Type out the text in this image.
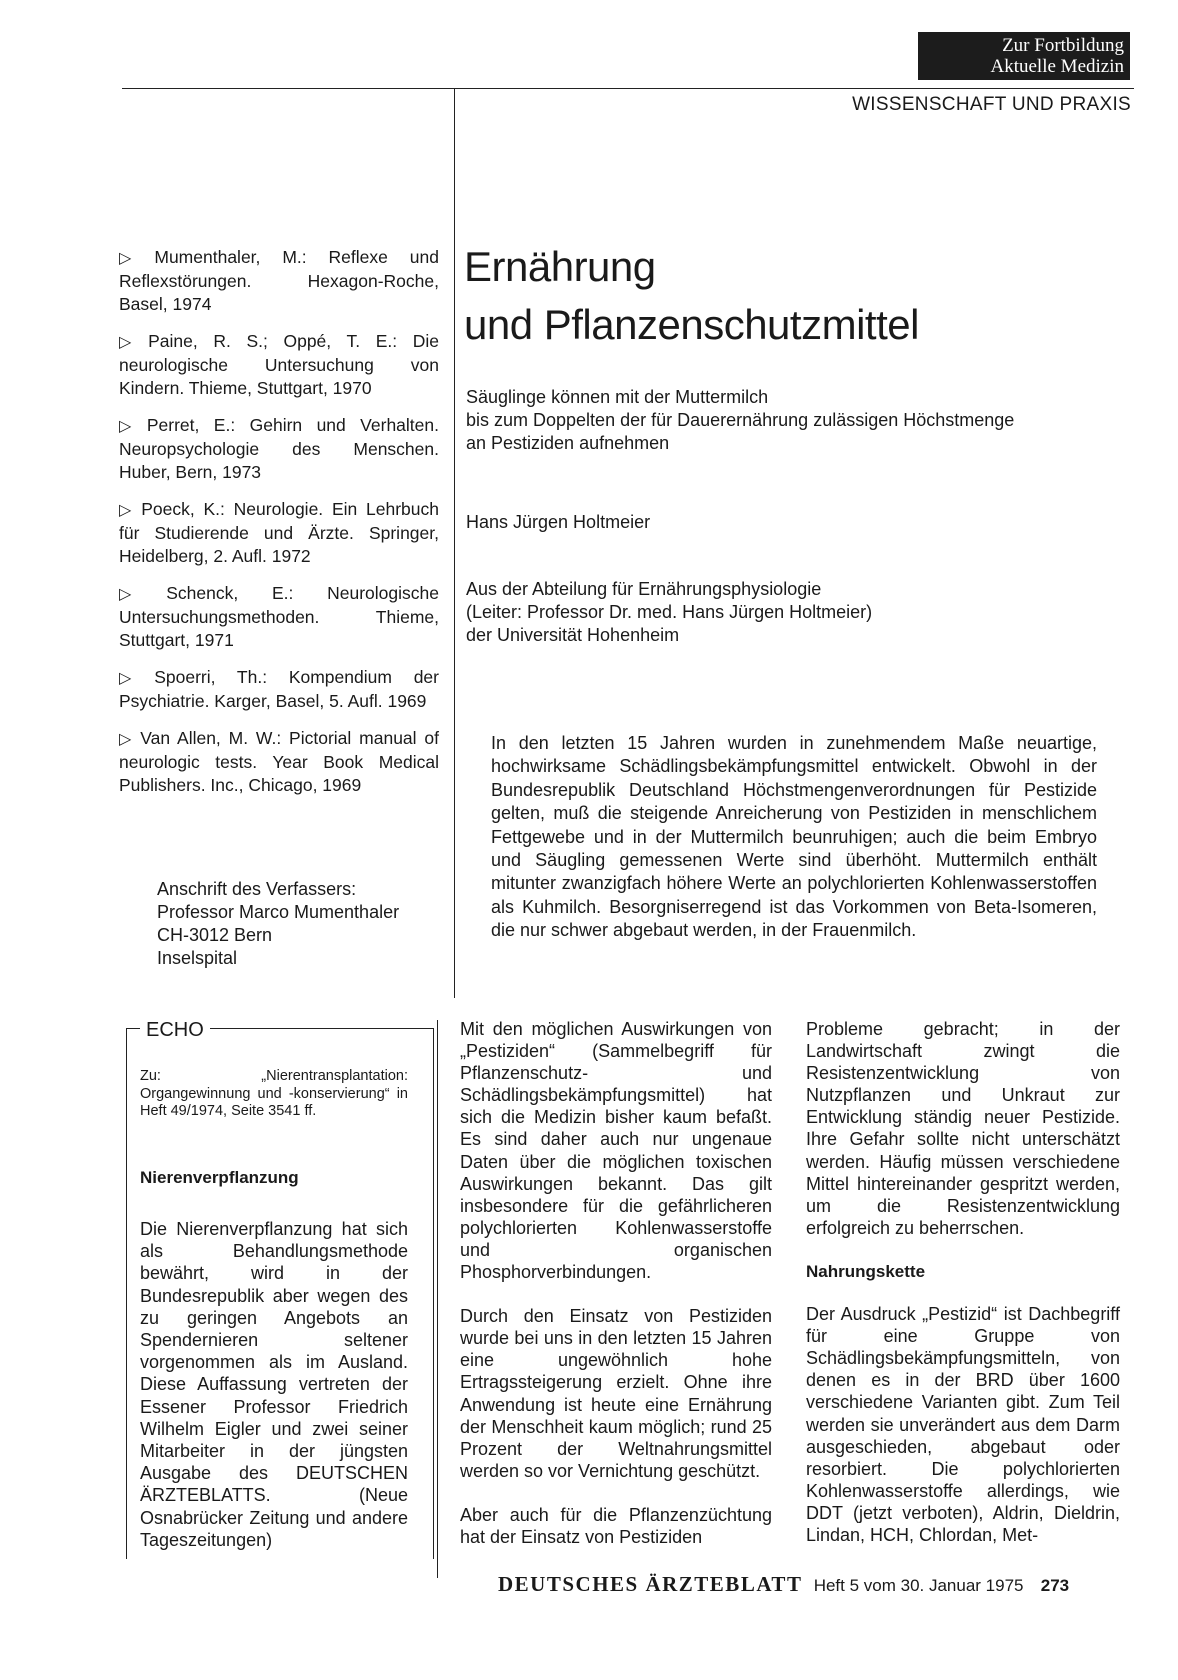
Zur Fortbildung
Aktuelle Medizin
WISSENSCHAFT UND PRAXIS

▷ Mumenthaler, M.: Reflexe und Reflexstörungen. Hexagon-Roche, Basel, 1974

▷ Paine, R. S.; Oppé, T. E.: Die neurologische Untersuchung von Kindern. Thieme, Stuttgart, 1970

▷ Perret, E.: Gehirn und Verhalten. Neuropsychologie des Menschen. Huber, Bern, 1973

▷ Poeck, K.: Neurologie. Ein Lehrbuch für Studierende und Ärzte. Springer, Heidelberg, 2. Aufl. 1972

▷ Schenck, E.: Neurologische Untersuchungsmethoden. Thieme, Stuttgart, 1971

▷ Spoerri, Th.: Kompendium der Psychiatrie. Karger, Basel, 5. Aufl. 1969

▷ Van Allen, M. W.: Pictorial manual of neurologic tests. Year Book Medical Publishers. Inc., Chicago, 1969

Anschrift des Verfassers:
Professor Marco Mumenthaler
CH-3012 Bern
Inselspital
Ernährung
und Pflanzenschutzmittel
Säuglinge können mit der Muttermilch
bis zum Doppelten der für Dauerernährung zulässigen Höchstmenge
an Pestiziden aufnehmen
Hans Jürgen Holtmeier
Aus der Abteilung für Ernährungsphysiologie
(Leiter: Professor Dr. med. Hans Jürgen Holtmeier)
der Universität Hohenheim
In den letzten 15 Jahren wurden in zunehmendem Maße neuartige, hochwirksame Schädlingsbekämpfungsmittel entwickelt. Obwohl in der Bundesrepublik Deutschland Höchstmengenverordnungen für Pestizide gelten, muß die steigende Anreicherung von Pestiziden in menschlichem Fettgewebe und in der Muttermilch beunruhigen; auch die beim Embryo und Säugling gemessenen Werte sind überhöht. Muttermilch enthält mitunter zwanzigfach höhere Werte an polychlorierten Kohlenwasserstoffen als Kuhmilch. Besorgniserregend ist das Vorkommen von Beta-Isomeren, die nur schwer abgebaut werden, in der Frauenmilch.
ECHO
Zu: „Nierentransplantation: Organgewinnung und -konservierung“ in Heft 49/1974, Seite 3541 ff.
Nierenverpflanzung
Die Nierenverpflanzung hat sich als Behandlungsmethode bewährt, wird in der Bundesrepublik aber wegen des zu geringen Angebots an Spendernieren seltener vorgenommen als im Ausland. Diese Auffassung vertreten der Essener Professor Friedrich Wilhelm Eigler und zwei seiner Mitarbeiter in der jüngsten Ausgabe des DEUTSCHEN ÄRZTEBLATTS. (Neue Osnabrücker Zeitung und andere Tageszeitungen)

Mit den möglichen Auswirkungen von „Pestiziden“ (Sammelbegriff für Pflanzenschutz- und Schädlingsbekämpfungsmittel) hat sich die Medizin bisher kaum befaßt. Es sind daher auch nur ungenaue Daten über die möglichen toxischen Auswirkungen bekannt. Das gilt insbesondere für die gefährlicheren polychlorierten Kohlenwasserstoffe und organischen Phosphorverbindungen.

Durch den Einsatz von Pestiziden wurde bei uns in den letzten 15 Jahren eine ungewöhnlich hohe Ertragssteigerung erzielt. Ohne ihre Anwendung ist heute eine Ernährung der Menschheit kaum möglich; rund 25 Prozent der Weltnahrungsmittel werden so vor Vernichtung geschützt.

Aber auch für die Pflanzenzüchtung hat der Einsatz von Pestiziden

Probleme gebracht; in der Landwirtschaft zwingt die Resistenzentwicklung von Nutzpflanzen und Unkraut zur Entwicklung ständig neuer Pestizide. Ihre Gefahr sollte nicht unterschätzt werden. Häufig müssen verschiedene Mittel hintereinander gespritzt werden, um die Resistenzentwicklung erfolgreich zu beherrschen.

Nahrungskette

Der Ausdruck „Pestizid“ ist Dachbegriff für eine Gruppe von Schädlingsbekämpfungsmitteln, von denen es in der BRD über 1600 verschiedene Varianten gibt. Zum Teil werden sie unverändert aus dem Darm ausgeschieden, abgebaut oder resorbiert. Die polychlorierten Kohlenwasserstoffe allerdings, wie DDT (jetzt verboten), Aldrin, Dieldrin, Lindan, HCH, Chlordan, Met-

DEUTSCHES ÄRZTEBLATT Heft 5 vom 30. Januar 1975 273
